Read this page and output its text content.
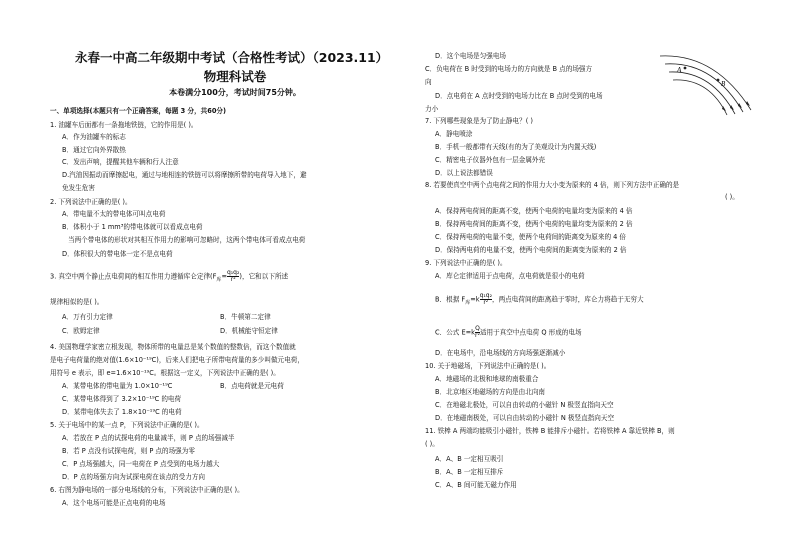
永春一中高二年级期中考试（合格性考试）（2023.11）
物理科试卷
本卷满分100分，考试时间75分钟。
一、单项选择(本题只有一个正确答案，每题 3 分，共60分)
1. 油罐车后面都有一条拖地铁链，它的作用是( )。
A．作为油罐车的标志
B．通过它向外界散热
C．发出声响，提醒其他车辆和行人注意
D.汽油因振动而摩擦起电，通过与地相连的铁链可以将摩擦所带的电荷导入地下，避
免发生危害
2. 下列说法中正确的是( )。
A．带电量不太的带电体可叫点电荷
B．体积小于 1 mm³的带电体就可以看成点电荷
当两个带电体的形状对其相互作用力的影响可忽略时，这两个带电体可看成点电荷
D．体积很大的带电体一定不是点电荷
4. 美国物理学家密立根发现，物体所带的电量总是某个数值的整数倍，而这个数值就
是电子电荷量的绝对值(1.6×10⁻¹⁹C)，后来人们把电子所带电荷量的多少叫做元电荷，
用符号 e 表示，即 e=1.6×10⁻¹⁹C。根据这一定义，下列说法中正确的是( )。
A．某带电体的带电量为 1.0×10⁻¹⁹C	B．点电荷就是元电荷
C．某带电体得到了 3.2×10⁻¹⁹C 的电荷
D．某带电体失去了 1.8×10⁻¹⁹C 的电荷
5. 关于电场中的某一点 P，下列说法中正确的是( )。
A．若放在 P 点的试探电荷的电量减半，则 P 点的场强减半
B．若 P 点没有试探电荷，则 P 点的场强为零
C．P 点场强越大，同一电荷在 P 点受到的电场力越大
D．P 点的场强方向为试探电荷在该点的受力方向
6. 右图为静电场的一部分电场线的分布，下列说法中正确的是( )。
A．这个电场可能是正点电荷的电场
3. 真空中两个静止点电荷间的相互作用力遵循库仑定律($F_库= \frac{\text{q₁q₂}}{\text{r²}}$ )，它和以下所述
规律相似的是( )。
A．万有引力定律	B．牛顿第二定律
C．欧姆定律	D．机械能守恒定律
D．这个电场是匀强电场
C．负电荷在 B 时受到的电场力的方向就是 B 点的场强方
向
D．点电荷在 A 点时受到的电场力比在 B 点时受到的电场
力小
7. 下列哪些现象是为了防止静电？( )
A．静电喷涂
B．手机一般都带有天线(有的为了美观设计为内置天线)
C．精密电子仪器外包有一层金属外壳
D．以上说法都错误
8. 若要使真空中两个点电荷之间的作用力大小变为原来的 4 倍，则下列方法中正确的是
( )。
A．保持两电荷间的距离不变，使两个电荷的电量均变为原来的 4 倍
B．保持两电荷间的距离不变，使两个电荷的电量均变为原来的 2 倍
C．保持两电荷的电量不变，使两个电荷间的距离变为原来的 4 倍
D．保持两电荷的电量不变，使两个电荷间的距离变为原来的 2 倍
9. 下列说法中正确的是( )。
A．库仑定律适用于点电荷，点电荷就是很小的电荷
D．在电场中，沿电场线的方向场强逐渐减小
10. 关于地磁场，下列说法中正确的是( )。
A．地磁场的北极和地球的南极重合
B．北京地区地磁场的方向是由北向南
C．在地磁北极处，可以自由转动的小磁针 N 极竖直指向天空
D．在地磁南极处，可以自由转动的小磁针 N 极竖直指向天空
11. 铁棒 A 两端均能吸引小磁针，铁棒 B 能排斥小磁针。若将铁棒 A 靠近铁棒 B，则
( )。
A．A、B 一定相互吸引
B．A、B 一定相互排斥
C．A、B 间可能无磁力作用
B．根据 $F_库=k \frac{\text{q₁q₂}}{\text{r²}}$ ，两点电荷间的距离趋于零时，库仑力将趋于无穷大
C．公式 $E=k \frac{Q}{\text{r²}}$ 适用于真空中点电荷 Q 形成的电场
A
B
